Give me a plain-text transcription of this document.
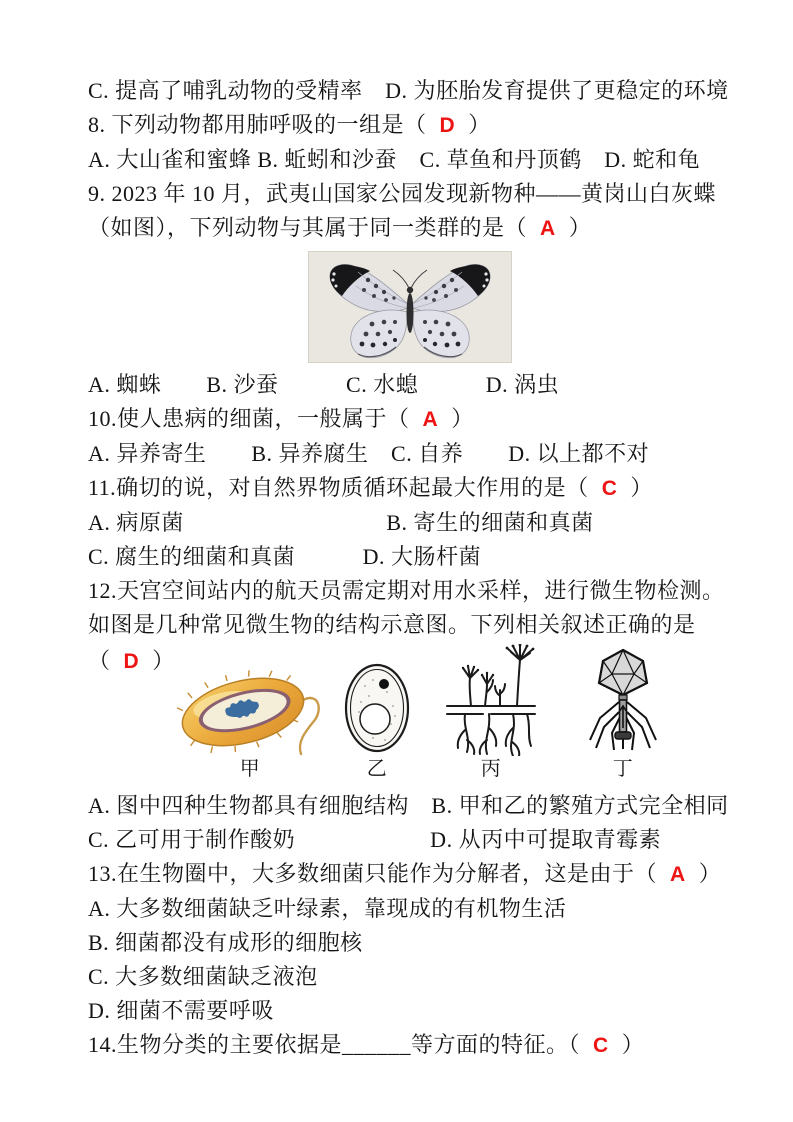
C. 提高了哺乳动物的受精率　D. 为胚胎发育提供了更稳定的环境

8. 下列动物都用肺呼吸的一组是（ D ）

A. 大山雀和蜜蜂 B. 蚯蚓和沙蚕　C. 草鱼和丹顶鹤　D. 蛇和龟

9. 2023 年 10 月，武夷山国家公园发现新物种——黄岗山白灰蝶（如图），下列动物与其属于同一类群的是（ A ）

A. 蜘蛛　　B. 沙蚕　　　C. 水螅　　　D. 涡虫

10.使人患病的细菌，一般属于（ A ）

A. 异养寄生　　B. 异养腐生　C. 自养　　D. 以上都不对

11.确切的说，对自然界物质循环起最大作用的是（ C ）

A. 病原菌　　　　　　　　　B. 寄生的细菌和真菌

C. 腐生的细菌和真菌　　　D. 大肠杆菌

12.天宫空间站内的航天员需定期对用水采样，进行微生物检测。如图是几种常见微生物的结构示意图。下列相关叙述正确的是

（ D ）
甲	乙	丙	丁

A. 图中四种生物都具有细胞结构　B. 甲和乙的繁殖方式完全相同

C. 乙可用于制作酸奶　　　　　　D. 从丙中可提取青霉素

13.在生物圈中，大多数细菌只能作为分解者，这是由于（ A ）

A. 大多数细菌缺乏叶绿素，靠现成的有机物生活

B. 细菌都没有成形的细胞核

C. 大多数细菌缺乏液泡

D. 细菌不需要呼吸

14.生物分类的主要依据是______等方面的特征。（ C ）
